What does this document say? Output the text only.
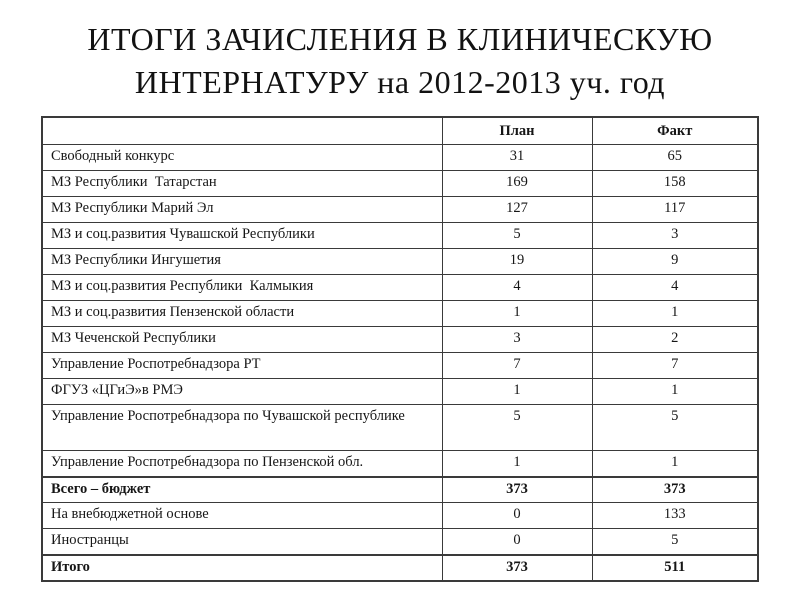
ИТОГИ ЗАЧИСЛЕНИЯ В КЛИНИЧЕСКУЮ
ИНТЕРНАТУРУ на 2012-2013 уч. год
	План	Факт
Свободный конкурс	31	65
МЗ Республики  Татарстан	169	158
МЗ Республики Марий Эл	127	117
МЗ и соц.развития Чувашской Республики	5	3
МЗ Республики Ингушетия	19	9
МЗ и соц.развития Республики  Калмыкия	4	4
МЗ и соц.развития Пензенской области	1	1
МЗ Чеченской Республики	3	2
Управление Роспотребнадзора РТ	7	7
ФГУЗ «ЦГиЭ»в РМЭ	1	1
Управление Роспотребнадзора по Чувашской республике	5	5
Управление Роспотребнадзора по Пензенской обл.	1	1
Всего – бюджет	373	373
На внебюджетной основе	0	133
Иностранцы	0	5
Итого	373	511
